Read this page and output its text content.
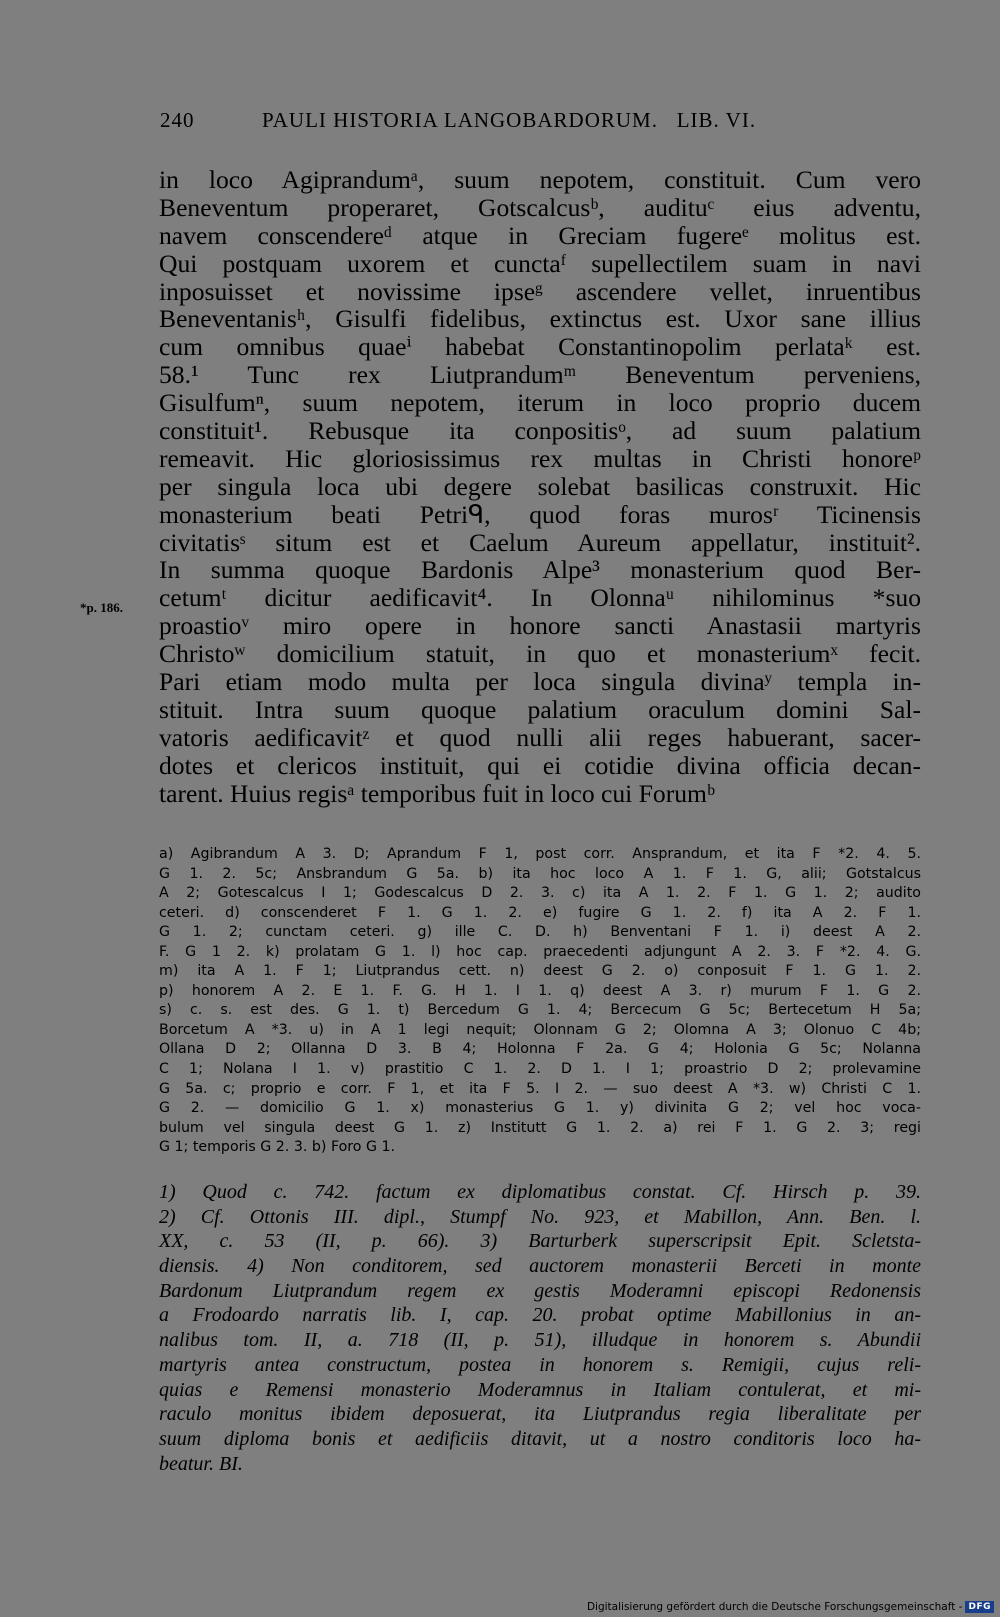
240	PAULI HISTORIA LANGOBARDORUM.   LIB. VI.
*p. 186.
in loco Agiprandumᵃ, suum nepotem, constituit. Cum vero
Beneventum properaret, Gotscalcusᵇ, audituᶜ eius adventu,
navem conscendereᵈ atque in Greciam fugereᵉ molitus est.
Qui postquam uxorem et cunctaᶠ supellectilem suam in navi
inposuisset et novissime ipseᵍ ascendere vellet, inruentibus
Beneventanisʰ, Gisulfi fidelibus, extinctus est. Uxor sane illius
cum omnibus quaeⁱ habebat Constantinopolim perlataᵏ est.
58.¹ Tunc rex Liutprandumᵐ Beneventum perveniens,
Gisulfumⁿ, suum nepotem, iterum in loco proprio ducem
constituit¹. Rebusque ita conpositisᵒ, ad suum palatium
remeavit. Hic gloriosissimus rex multas in Christi honoreᵖ
per singula loca ubi degere solebat basilicas construxit. Hic
monasterium beati Petriᑫ, quod foras murosʳ Ticinensis
civitatisˢ situm est et Caelum Aureum appellatur, instituit².
In summa quoque Bardonis Alpe³ monasterium quod Ber-
cetumᵗ dicitur aedificavit⁴. In Olonnaᵘ nihilominus *suo
proastioᵛ miro opere in honore sancti Anastasii martyris
Christoʷ domicilium statuit, in quo et monasteriumˣ fecit.
Pari etiam modo multa per loca singula divinaʸ templa in-
stituit. Intra suum quoque palatium oraculum domini Sal-
vatoris aedificavitᶻ et quod nulli alii reges habuerant, sacer-
dotes et clericos instituit, qui ei cotidie divina officia decan-
tarent. Huius regisᵃ temporibus fuit in loco cui Forumᵇ
a) Agibrandum A 3. D; Aprandum F 1, post corr. Ansprandum, et ita F *2. 4. 5.
G 1. 2. 5c; Ansbrandum G 5a. b) ita hoc loco A 1. F 1. G, alii; Gotstalcus
A 2; Gotescalcus I 1; Godescalcus D 2. 3. c) ita A 1. 2. F 1. G 1. 2; audito
ceteri. d) conscenderet F 1. G 1. 2. e) fugire G 1. 2. f) ita A 2. F 1.
G 1. 2; cunctam ceteri. g) ille C. D. h) Benventani F 1. i) deest A 2.
F. G 1 2. k) prolatam G 1. l) hoc cap. praecedenti adjungunt A 2. 3. F *2. 4. G.
m) ita A 1. F 1; Liutprandus cett. n) deest G 2. o) conposuit F 1. G 1. 2.
p) honorem A 2. E 1. F. G. H 1. I 1. q) deest A 3. r) murum F 1. G 2.
s) c. s. est des. G 1. t) Bercedum G 1. 4; Bercecum G 5c; Bertecetum H 5a;
Borcetum A *3. u) in A 1 legi nequit; Olonnam G 2; Olomna A 3; Olonuo C 4b;
Ollana D 2; Ollanna D 3. B 4; Holonna F 2a. G 4; Holonia G 5c; Nolanna
C 1; Nolana I 1. v) prastitio C 1. 2. D 1. I 1; proastrio D 2; prolevamine
G 5a. c; proprio e corr. F 1, et ita F 5. I 2. — suo deest A *3. w) Christi C 1.
G 2. — domicilio G 1. x) monasterius G 1. y) divinita G 2; vel hoc voca-
bulum vel singula deest G 1. z) Institutt G 1. 2. a) rei F 1. G 2. 3; regi
G 1; temporis G 2. 3. b) Foro G 1.
1) Quod c. 742. factum ex diplomatibus constat. Cf. Hirsch p. 39.
2) Cf. Ottonis III. dipl., Stumpf No. 923, et Mabillon, Ann. Ben. l.
XX, c. 53 (II, p. 66). 3) Barturberk superscripsit Epit. Scletsta-
diensis. 4) Non conditorem, sed auctorem monasterii Berceti in monte
Bardonum Liutprandum regem ex gestis Moderamni episcopi Redonensis
a Frodoardo narratis lib. I, cap. 20. probat optime Mabillonius in an-
nalibus tom. II, a. 718 (II, p. 51), illudque in honorem s. Abundii
martyris antea constructum, postea in honorem s. Remigii, cujus reli-
quias e Remensi monasterio Moderamnus in Italiam contulerat, et mi-
raculo monitus ibidem deposuerat, ita Liutprandus regia liberalitate per
suum diploma bonis et aedificiis ditavit, ut a nostro conditoris loco ha-
beatur. BI.
Digitalisierung gefördert durch die Deutsche Forschungsgemeinschaft - DFG
